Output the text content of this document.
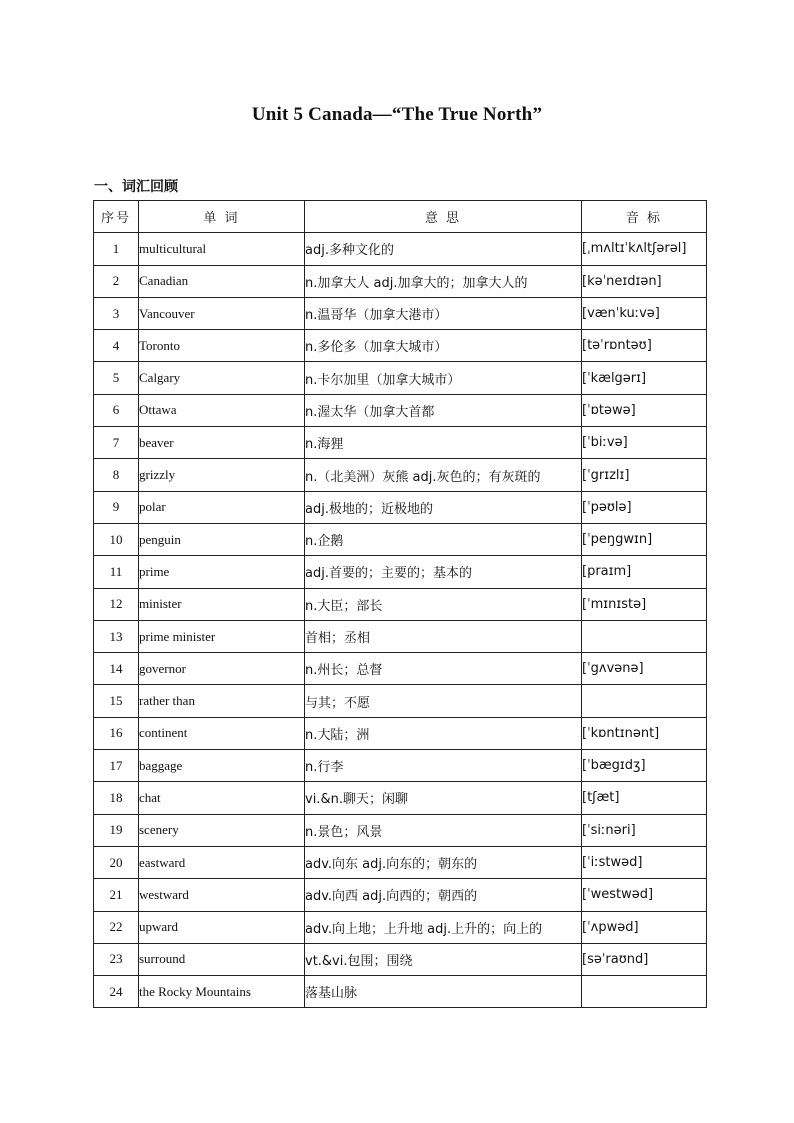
Unit 5 Canada—“The True North”
一、词汇回顾
序号	单 词	意 思	音 标
1	multicultural	adj.多种文化的	[ˌmʌltɪˈkʌltʃərəl]
2	Canadian	n.加拿大人 adj.加拿大的；加拿大人的	[kəˈneɪdɪən]
3	Vancouver	n.温哥华（加拿大港市）	[vænˈkuːvə]
4	Toronto	n.多伦多（加拿大城市）	[təˈrɒntəʊ]
5	Calgary	n.卡尔加里（加拿大城市）	[ˈkælgərɪ]
6	Ottawa	n.渥太华（加拿大首都	[ˈɒtəwə]
7	beaver	n.海狸	[ˈbiːvə]
8	grizzly	n.（北美洲）灰熊 adj.灰色的；有灰斑的	[ˈgrɪzlɪ]
9	polar	adj.极地的；近极地的	[ˈpəʊlə]
10	penguin	n.企鹅	[ˈpeŋgwɪn]
11	prime	adj.首要的；主要的；基本的	[praɪm]
12	minister	n.大臣；部长	[ˈmɪnɪstə]
13	prime minister	首相；丞相	
14	governor	n.州长；总督	[ˈgʌvənə]
15	rather than	与其；不愿	
16	continent	n.大陆；洲	[ˈkɒntɪnənt]
17	baggage	n.行李	[ˈbægɪdʒ]
18	chat	vi.&n.聊天；闲聊	[tʃæt]
19	scenery	n.景色；风景	[ˈsiːnəri]
20	eastward	adv.向东 adj.向东的；朝东的	[ˈiːstwəd]
21	westward	adv.向西 adj.向西的；朝西的	[ˈwestwəd]
22	upward	adv.向上地；上升地 adj.上升的；向上的	[ˈʌpwəd]
23	surround	vt.&vi.包围；围绕	[səˈraʊnd]
24	the Rocky Mountains	落基山脉	
